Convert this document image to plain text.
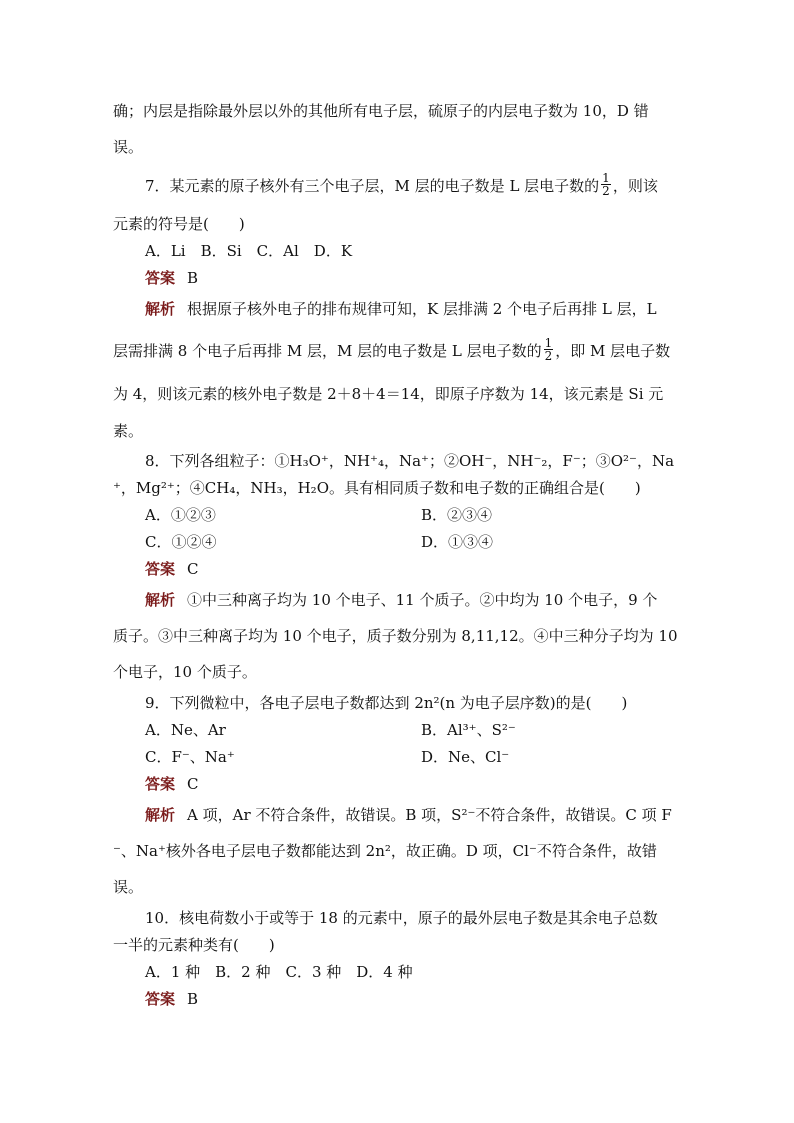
确；内层是指除最外层以外的其他所有电子层，硫原子的内层电子数为 10，D 错
误。
7．某元素的原子核外有三个电子层，M 层的电子数是 L 层电子数的 $\frac{1}{2}$ ，则该
元素的符号是(　　)
A．Li　B．Si　C．Al　D．K
答案 B
解析 根据原子核外电子的排布规律可知，K 层排满 2 个电子后再排 L 层，L
层需排满 8 个电子后再排 M 层，M 层的电子数是 L 层电子数的 $\frac{1}{2}$ ，即 M 层电子数
为 4，则该元素的核外电子数是 2＋8＋4＝14，即原子序数为 14，该元素是 Si 元
素。
8．下列各组粒子：①H₃O⁺，NH⁺₄，Na⁺；②OH⁻，NH⁻₂，F⁻；③O²⁻，Na
⁺，Mg²⁺；④CH₄，NH₃，H₂O。具有相同质子数和电子数的正确组合是(　　)
A．①②③	B．②③④
C．①②④	D．①③④
答案 C
解析 ①中三种离子均为 10 个电子、11 个质子。②中均为 10 个电子，9 个
质子。③中三种离子均为 10 个电子，质子数分别为 8,11,12。④中三种分子均为 10
个电子，10 个质子。
9．下列微粒中，各电子层电子数都达到 2n²(n 为电子层序数)的是(　　)
A．Ne、Ar	B．Al³⁺、S²⁻
C．F⁻、Na⁺	D．Ne、Cl⁻
答案 C
解析 A 项，Ar 不符合条件，故错误。B 项，S²⁻不符合条件，故错误。C 项 F
⁻、Na⁺核外各电子层电子数都能达到 2n²，故正确。D 项，Cl⁻不符合条件，故错
误。
10．核电荷数小于或等于 18 的元素中，原子的最外层电子数是其余电子总数
一半的元素种类有(　　)
A．1 种　B．2 种　C．3 种　D．4 种
答案 B
